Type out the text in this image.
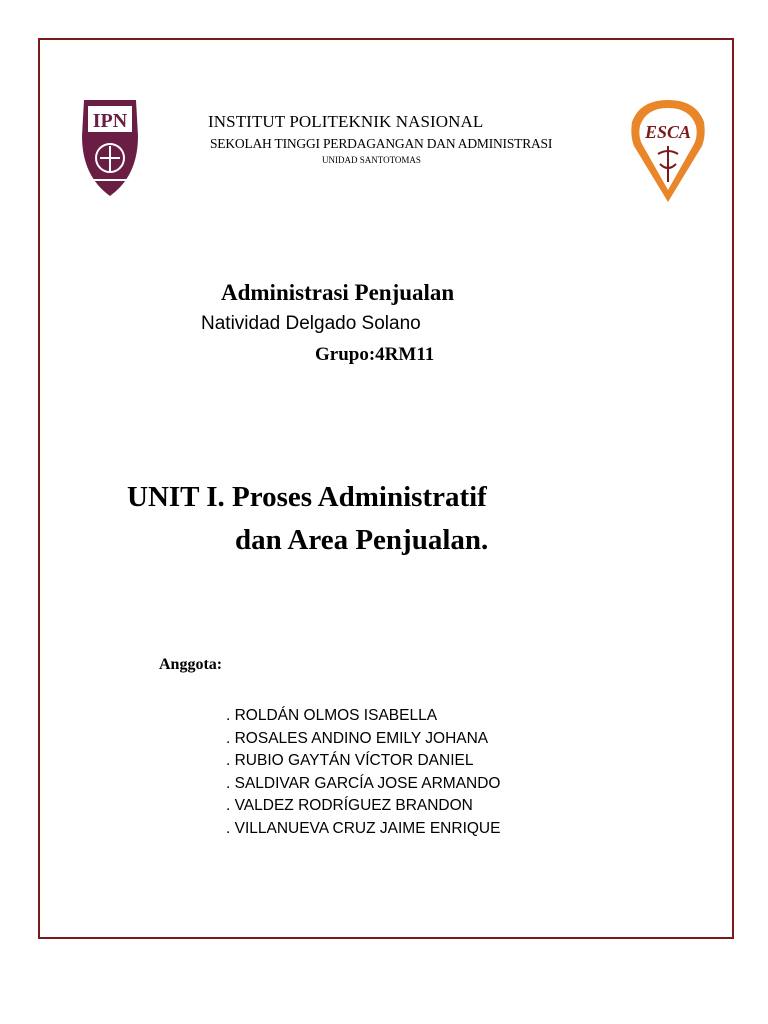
IPN	ESCA
INSTITUT POLITEKNIK NASIONAL
SEKOLAH TINGGI PERDAGANGAN DAN ADMINISTRASI
UNIDAD SANTOTOMAS
Administrasi Penjualan
Natividad Delgado Solano
Grupo:4RM11
UNIT I. Proses Administratif
dan Area Penjualan.
Anggota:
. ROLDÁN OLMOS ISABELLA
. ROSALES ANDINO EMILY JOHANA
. RUBIO GAYTÁN VÍCTOR DANIEL
. SALDIVAR GARCÍA JOSE ARMANDO
. VALDEZ RODRÍGUEZ BRANDON
. VILLANUEVA CRUZ JAIME ENRIQUE
